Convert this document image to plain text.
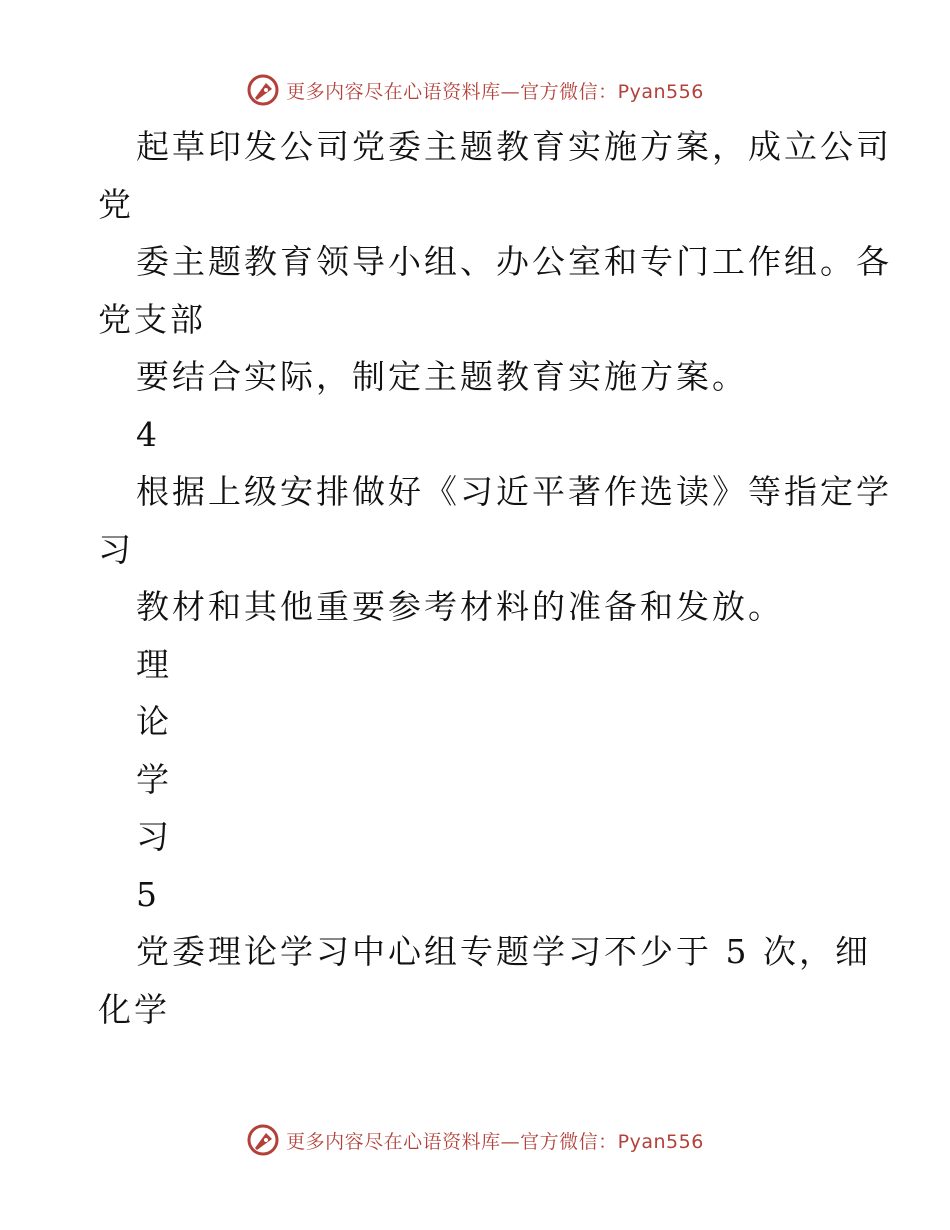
更多内容尽在心语资料库—官方微信：Pyan556
起草印发公司党委主题教育实施方案，成立公司
党
委主题教育领导小组、办公室和专门工作组。各
党支部
要结合实际，制定主题教育实施方案。
4
根据上级安排做好《习近平著作选读》等指定学
习
教材和其他重要参考材料的准备和发放。
理
论
学
习
5
党委理论学习中心组专题学习不少于 5 次，细
化学
更多内容尽在心语资料库—官方微信：Pyan556
